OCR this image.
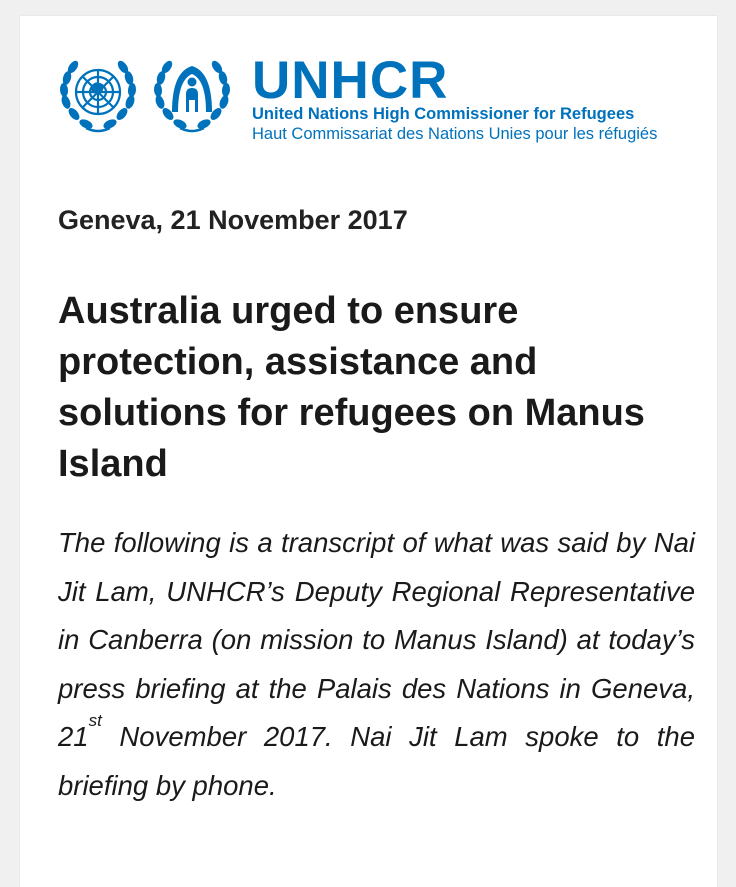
UNHCR
United Nations High Commissioner for Refugees
Haut Commissariat des Nations Unies pour les réfugiés
Geneva, 21 November 2017
Australia urged to ensure protection, assistance and solutions for refugees on Manus Island

The following is a transcript of what was said by Nai Jit Lam, UNHCR’s Deputy Regional Representative in Canberra (on mission to Manus Island) at today’s press briefing at the Palais des Nations in Geneva, 21st November 2017. Nai Jit Lam spoke to the briefing by phone.
